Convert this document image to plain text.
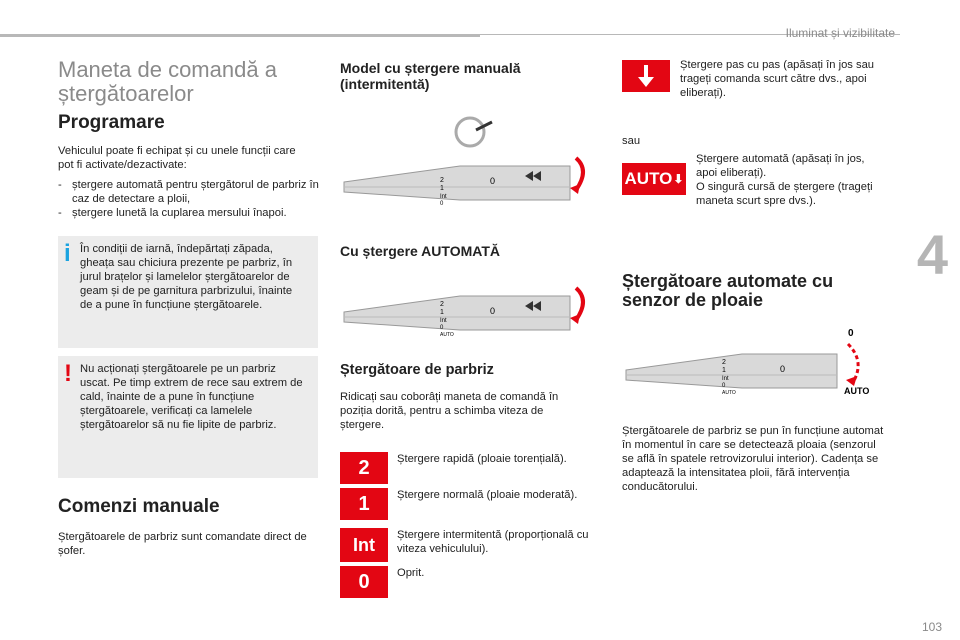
Iluminat și vizibilitate
4
Maneta de comandă a ștergătoarelor
Programare

Vehiculul poate fi echipat și cu unele funcții care pot fi activate/dezactivate:

- ștergere automată pentru ștergătorul de parbriz în caz de detectare a ploii,
- ștergere lunetă la cuplarea mersului înapoi.
i În condiții de iarnă, îndepărtați zăpada, gheața sau chiciura prezente pe parbriz, în jurul brațelor și lamelelor ștergătoarelor de geam și de pe garnitura parbrizului, înainte de a pune în funcțiune ștergătoarele.

! Nu acționați ștergătoarele pe un parbriz uscat. Pe timp extrem de rece sau extrem de cald, înainte de a pune în funcțiune ștergătoarele, verificați ca lamelele ștergătoarelor să nu fie lipite de parbriz.

Comenzi manuale

Ștergătoarele de parbriz sunt comandate direct de șofer.

Model cu ștergere manuală (intermitentă)
2
1
Int
0
0
Cu ștergere AUTOMATĂ
2
1
Int
0
AUTO
0
Ștergătoare de parbriz

Ridicați sau coborâți maneta de comandă în poziția dorită, pentru a schimba viteza de ștergere.

2	Ștergere rapidă (ploaie torențială).
1	Ștergere normală (ploaie moderată).
Int	Ștergere intermitentă (proporțională cu viteza vehiculului).
0	Oprit.
Ștergere pas cu pas (apăsați în jos sau trageți comanda scurt către dvs., apoi eliberați).
sau
AUTO ⬇
Ștergere automată (apăsați în jos, apoi eliberați).
O singură cursă de ștergere (trageți maneta scurt spre dvs.).
Ștergătoare automate cu senzor de ploaie
2
1
Int
0
AUTO
0
0
AUTO

Ștergătoarele de parbriz se pun în funcțiune automat în momentul în care se detectează ploaia (senzorul se află în spatele retrovizorului interior). Cadența se adaptează la intensitatea ploii, fără intervenția conducătorului.

103
